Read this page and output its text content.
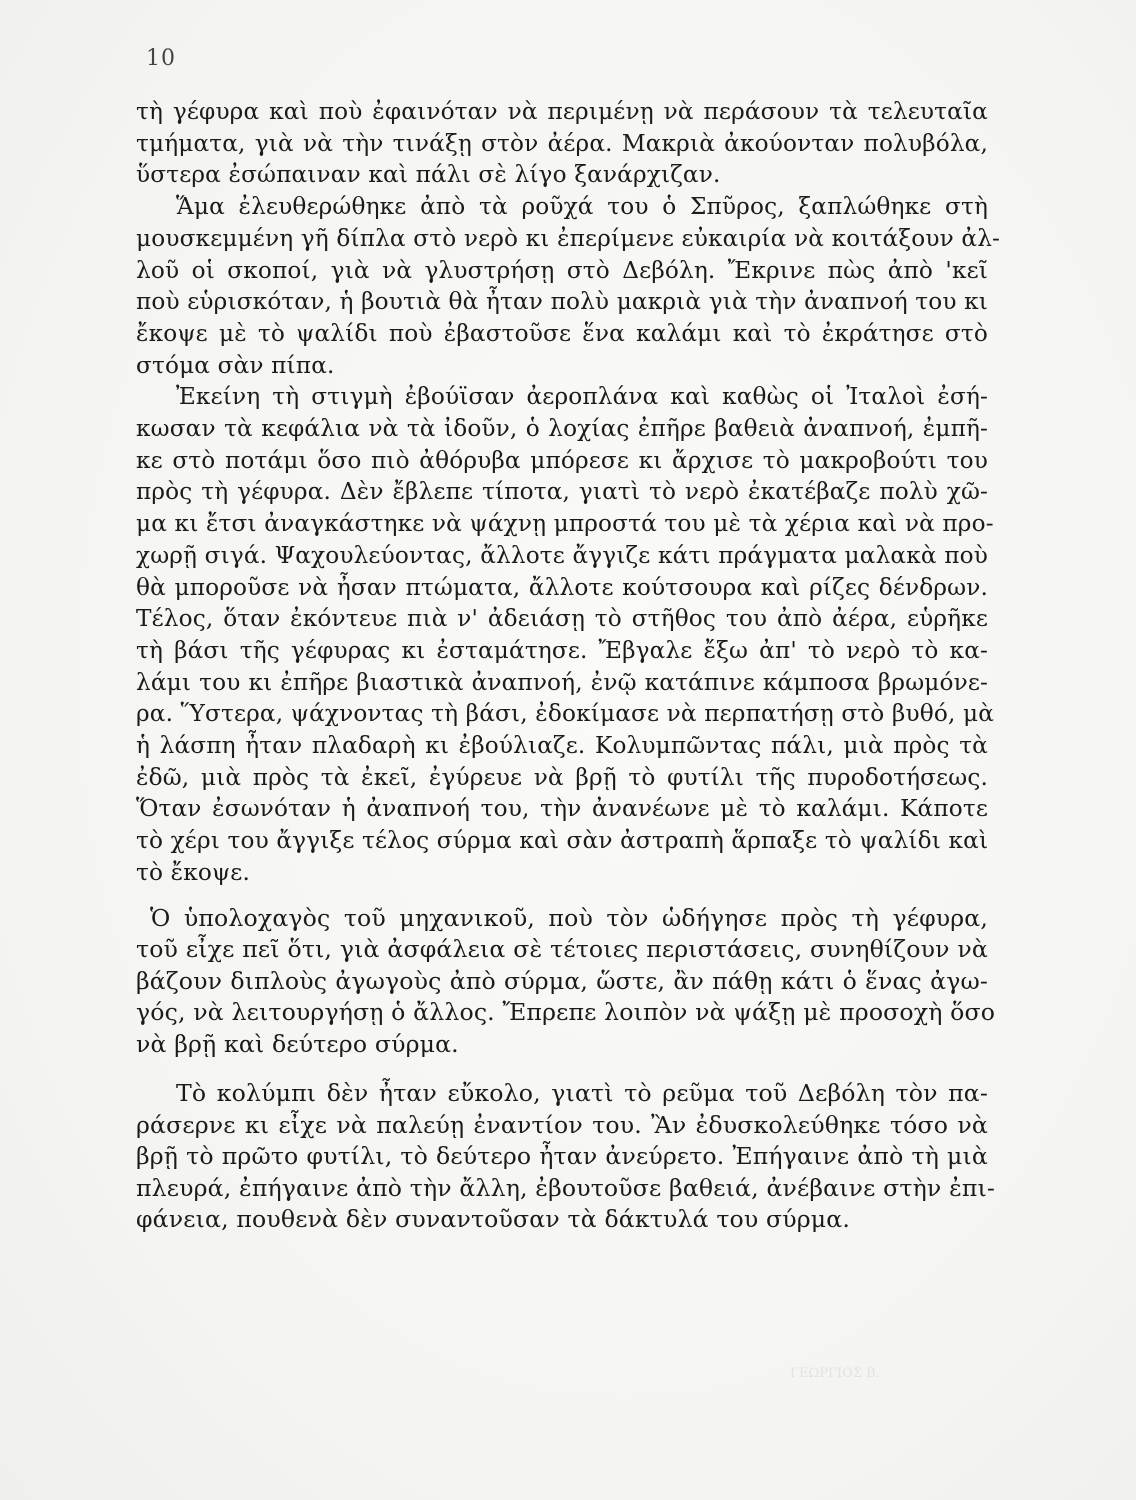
10

τὴ γέφυρα καὶ ποὺ ἐφαινόταν νὰ περιμένῃ νὰ περάσουν τὰ τελευταῖα

τμήματα, γιὰ νὰ τὴν τινάξῃ στὸν ἀέρα. Μακριὰ ἀκούονταν πολυβόλα,

ὕστερα ἐσώπαιναν καὶ πάλι σὲ λίγο ξανάρχιζαν.

Ἅμα ἐλευθερώθηκε ἀπὸ τὰ ροῦχά του ὁ Σπῦρος, ξαπλώθηκε στὴ

μουσκεμμένη γῆ δίπλα στὸ νερὸ κι ἐπερίμενε εὐκαιρία νὰ κοιτάξουν ἀλ-

λοῦ οἱ σκοποί, γιὰ νὰ γλυστρήσῃ στὸ Δεβόλη. Ἔκρινε πὼς ἀπὸ 'κεῖ

ποὺ εὑρισκόταν, ἡ βουτιὰ θὰ ἦταν πολὺ μακριὰ γιὰ τὴν ἀναπνοή του κι

ἔκοψε μὲ τὸ ψαλίδι ποὺ ἐβαστοῦσε ἕνα καλάμι καὶ τὸ ἐκράτησε στὸ

στόμα σὰν πίπα.

Ἐκείνη τὴ στιγμὴ ἐβούϊσαν ἀεροπλάνα καὶ καθὼς οἱ Ἰταλοὶ ἐσή-

κωσαν τὰ κεφάλια νὰ τὰ ἰδοῦν, ὁ λοχίας ἐπῆρε βαθειὰ ἀναπνοή, ἐμπῆ-

κε στὸ ποτάμι ὅσο πιὸ ἀθόρυβα μπόρεσε κι ἄρχισε τὸ μακροβούτι του

πρὸς τὴ γέφυρα. Δὲν ἔβλεπε τίποτα, γιατὶ τὸ νερὸ ἐκατέβαζε πολὺ χῶ-

μα κι ἔτσι ἀναγκάστηκε νὰ ψάχνῃ μπροστά του μὲ τὰ χέρια καὶ νὰ προ-

χωρῇ σιγά. Ψαχουλεύοντας, ἄλλοτε ἄγγιζε κάτι πράγματα μαλακὰ ποὺ

θὰ μποροῦσε νὰ ἦσαν πτώματα, ἄλλοτε κούτσουρα καὶ ρίζες δένδρων.

Τέλος, ὅταν ἐκόντευε πιὰ ν' ἀδειάσῃ τὸ στῆθος του ἀπὸ ἀέρα, εὑρῆκε

τὴ βάσι τῆς γέφυρας κι ἐσταμάτησε. Ἔβγαλε ἔξω ἀπ' τὸ νερὸ τὸ κα-

λάμι του κι ἐπῆρε βιαστικὰ ἀναπνοή, ἐνῷ κατάπινε κάμποσα βρωμόνε-

ρα. Ὕστερα, ψάχνοντας τὴ βάσι, ἐδοκίμασε νὰ περπατήσῃ στὸ βυθό, μὰ

ἡ λάσπη ἦταν πλαδαρὴ κι ἐβούλιαζε. Κολυμπῶντας πάλι, μιὰ πρὸς τὰ

ἐδῶ, μιὰ πρὸς τὰ ἐκεῖ, ἐγύρευε νὰ βρῇ τὸ φυτίλι τῆς πυροδοτήσεως.

Ὅταν ἐσωνόταν ἡ ἀναπνοή του, τὴν ἀνανέωνε μὲ τὸ καλάμι. Κάποτε

τὸ χέρι του ἄγγιξε τέλος σύρμα καὶ σὰν ἀστραπὴ ἅρπαξε τὸ ψαλίδι καὶ

τὸ ἔκοψε.

Ὁ ὑπολοχαγὸς τοῦ μηχανικοῦ, ποὺ τὸν ὡδήγησε πρὸς τὴ γέφυρα,

τοῦ εἶχε πεῖ ὅτι, γιὰ ἀσφάλεια σὲ τέτοιες περιστάσεις, συνηθίζουν νὰ

βάζουν διπλοὺς ἀγωγοὺς ἀπὸ σύρμα, ὥστε, ἂν πάθῃ κάτι ὁ ἕνας ἀγω-

γός, νὰ λειτουργήσῃ ὁ ἄλλος. Ἔπρεπε λοιπὸν νὰ ψάξῃ μὲ προσοχὴ ὅσο

νὰ βρῇ καὶ δεύτερο σύρμα.

Τὸ κολύμπι δὲν ἦταν εὔκολο, γιατὶ τὸ ρεῦμα τοῦ Δεβόλη τὸν πα-

ράσερνε κι εἶχε νὰ παλεύῃ ἐναντίον του. Ἂν ἐδυσκολεύθηκε τόσο νὰ

βρῇ τὸ πρῶτο φυτίλι, τὸ δεύτερο ἦταν ἀνεύρετο. Ἐπήγαινε ἀπὸ τὴ μιὰ

πλευρά, ἐπήγαινε ἀπὸ τὴν ἄλλη, ἐβουτοῦσε βαθειά, ἀνέβαινε στὴν ἐπι-

φάνεια, πουθενὰ δὲν συναντοῦσαν τὰ δάκτυλά του σύρμα.

ΓΕΩΡΓΙΟΣ Β.
